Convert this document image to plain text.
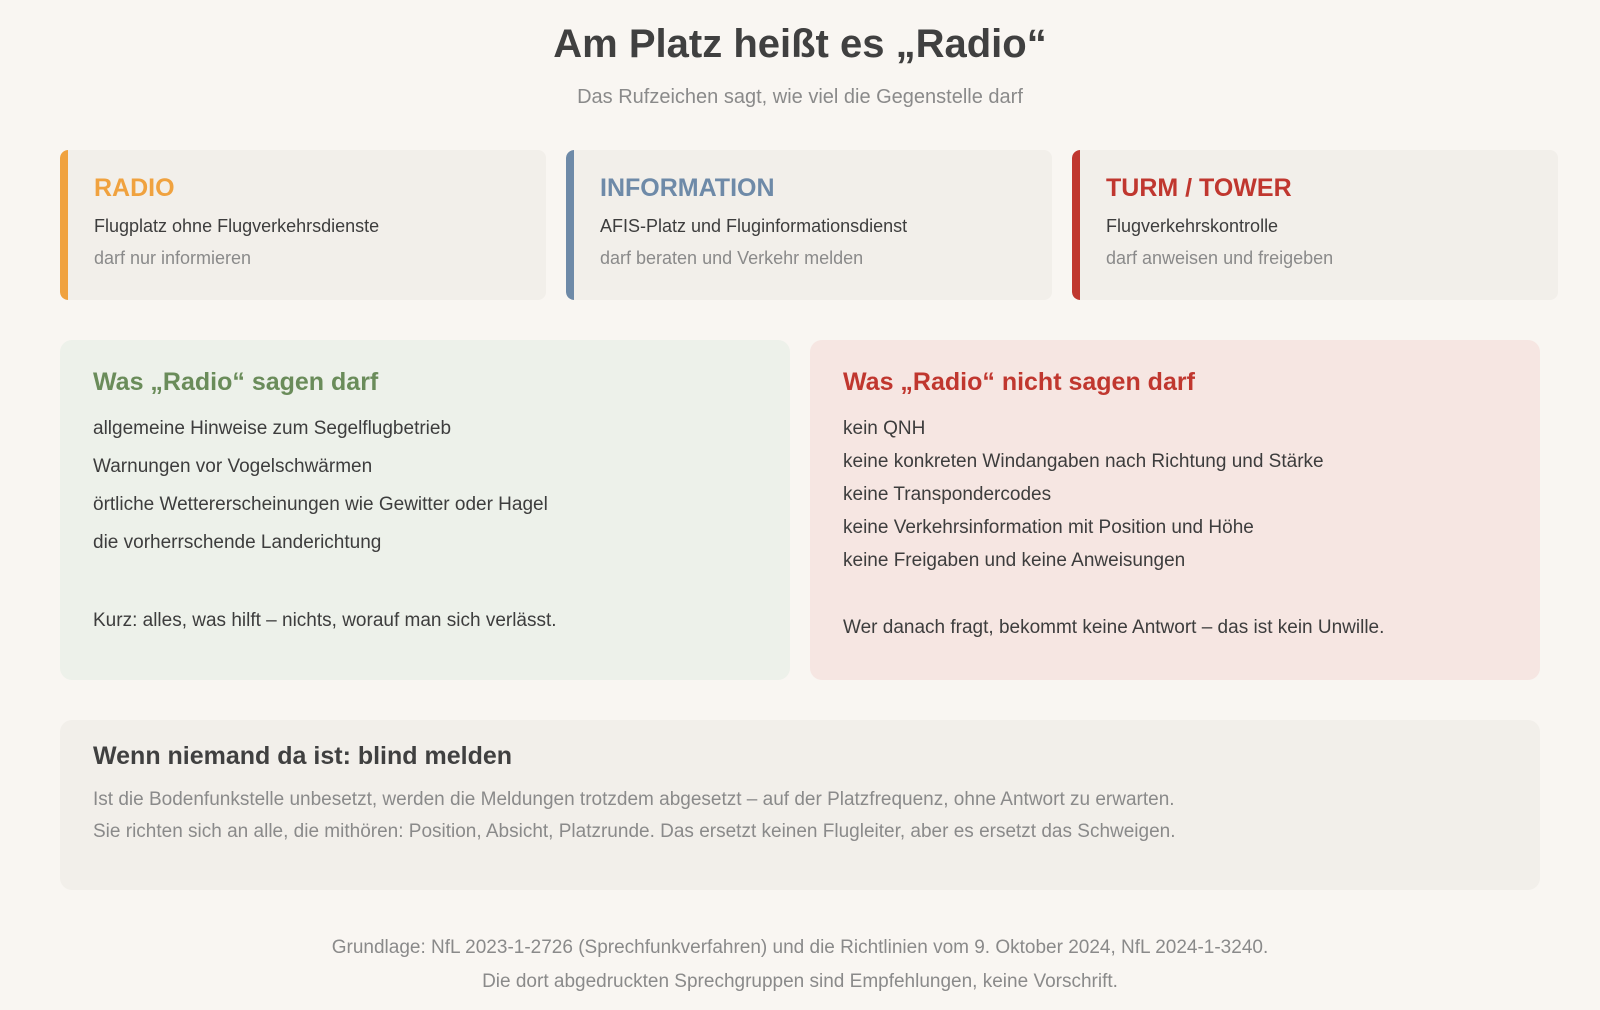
Am Platz heißt es „Radio“
Das Rufzeichen sagt, wie viel die Gegenstelle darf
RADIO
Flugplatz ohne Flugverkehrsdienste
darf nur informieren
INFORMATION
AFIS-Platz und Fluginformationsdienst
darf beraten und Verkehr melden
TURM / TOWER
Flugverkehrskontrolle
darf anweisen und freigeben
Was „Radio“ sagen darf
allgemeine Hinweise zum Segelflugbetrieb
Warnungen vor Vogelschwärmen
örtliche Wettererscheinungen wie Gewitter oder Hagel
die vorherrschende Landerichtung
Kurz: alles, was hilft – nichts, worauf man sich verlässt.
Was „Radio“ nicht sagen darf
kein QNH
keine konkreten Windangaben nach Richtung und Stärke
keine Transpondercodes
keine Verkehrsinformation mit Position und Höhe
keine Freigaben und keine Anweisungen
Wer danach fragt, bekommt keine Antwort – das ist kein Unwille.
Wenn niemand da ist: blind melden
Ist die Bodenfunkstelle unbesetzt, werden die Meldungen trotzdem abgesetzt – auf der Platzfrequenz, ohne Antwort zu erwarten.
Sie richten sich an alle, die mithören: Position, Absicht, Platzrunde. Das ersetzt keinen Flugleiter, aber es ersetzt das Schweigen.
Grundlage: NfL 2023-1-2726 (Sprechfunkverfahren) und die Richtlinien vom 9. Oktober 2024, NfL 2024-1-3240.
Die dort abgedruckten Sprechgruppen sind Empfehlungen, keine Vorschrift.
